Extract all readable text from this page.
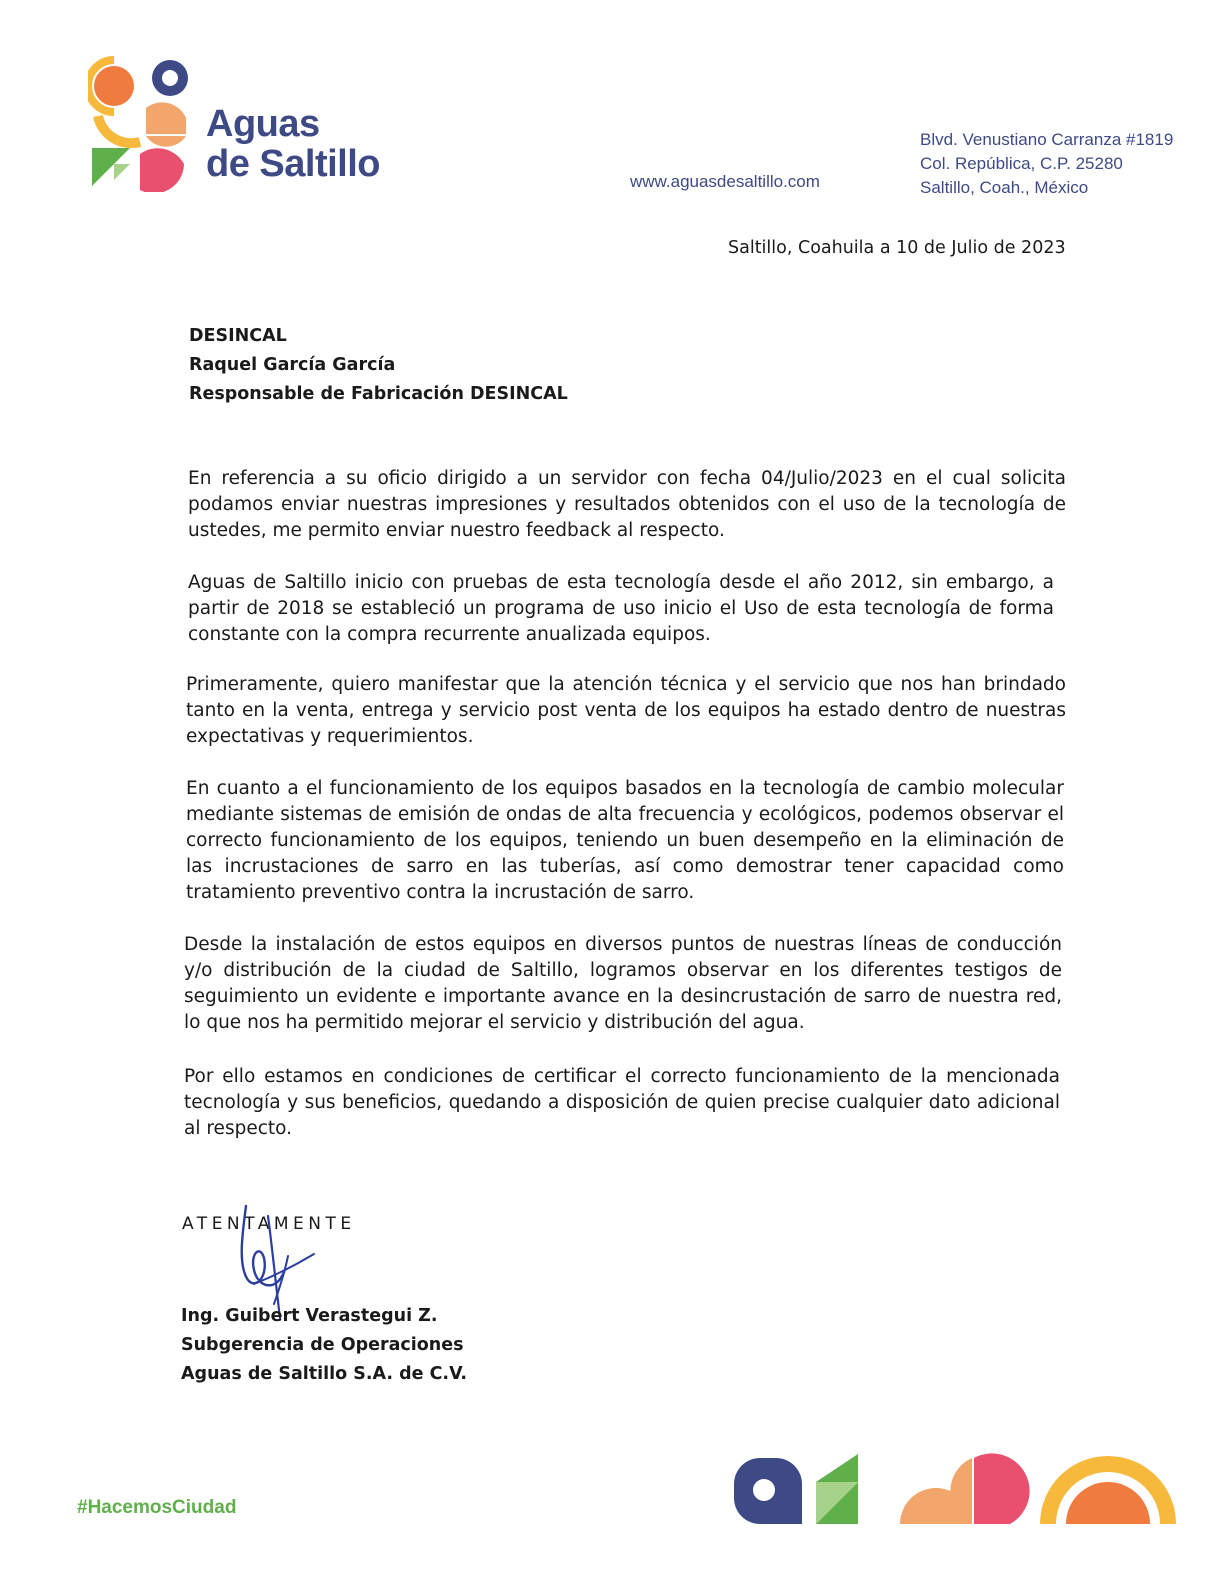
Aguas
de Saltillo	www.aguasdesaltillo.com
Blvd. Venustiano Carranza #1819
Col. República, C.P. 25280
Saltillo, Coah., México
Saltillo, Coahuila a 10 de Julio de 2023
DESINCAL
Raquel García García
Responsable de Fabricación DESINCAL

En referencia a su oficio dirigido a un servidor con fecha 04/Julio/2023 en el cual solicita podamos enviar nuestras impresiones y resultados obtenidos con el uso de la tecnología de ustedes, me permito enviar nuestro feedback al respecto.

Aguas de Saltillo inicio con pruebas de esta tecnología desde el año 2012, sin embargo, a partir de 2018 se estableció un programa de uso inicio el Uso de esta tecnología de forma constante con la compra recurrente anualizada equipos.

Primeramente, quiero manifestar que la atención técnica y el servicio que nos han brindado tanto en la venta, entrega y servicio post venta de los equipos ha estado dentro de nuestras expectativas y requerimientos.

En cuanto a el funcionamiento de los equipos basados en la tecnología de cambio molecular mediante sistemas de emisión de ondas de alta frecuencia y ecológicos, podemos observar el correcto funcionamiento de los equipos, teniendo un buen desempeño en la eliminación de las incrustaciones de sarro en las tuberías, así como demostrar tener capacidad como tratamiento preventivo contra la incrustación de sarro.

Desde la instalación de estos equipos en diversos puntos de nuestras líneas de conducción y/o distribución de la ciudad de Saltillo, logramos observar en los diferentes testigos de seguimiento un evidente e importante avance en la desincrustación de sarro de nuestra red, lo que nos ha permitido mejorar el servicio y distribución del agua.

Por ello estamos en condiciones de certificar el correcto funcionamiento de la mencionada tecnología y sus beneficios, quedando a disposición de quien precise cualquier dato adicional al respecto.

ATENTAMENTE
Ing. Guibert Verastegui Z.
Subgerencia de Operaciones
Aguas de Saltillo S.A. de C.V.
#HacemosCiudad
